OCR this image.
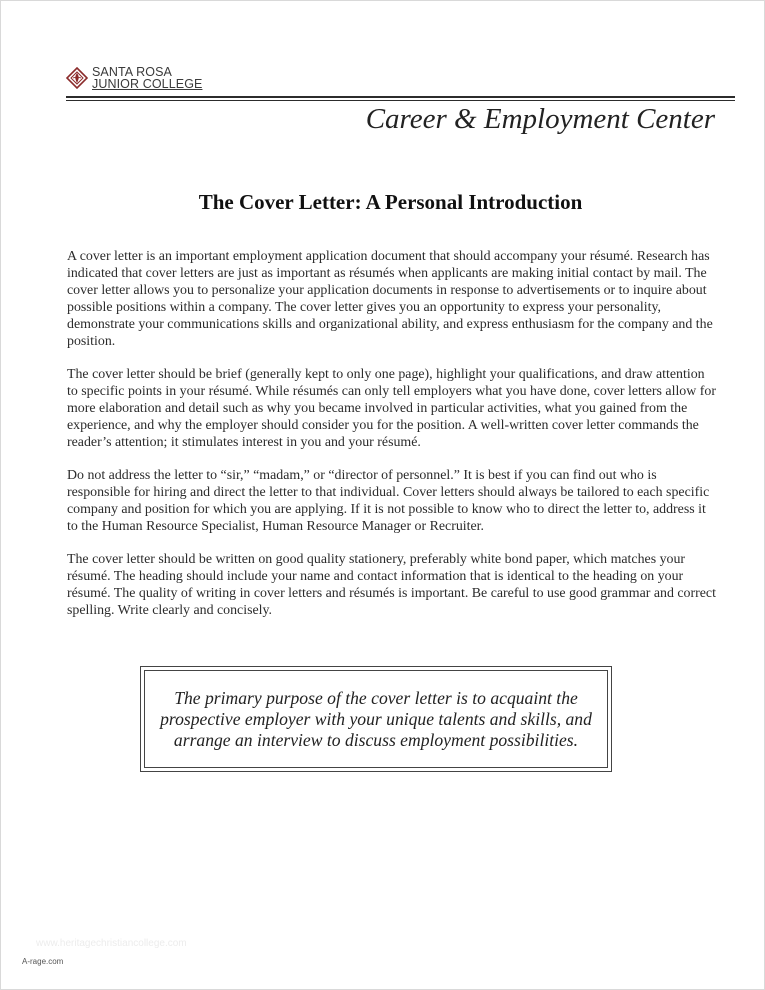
SANTA ROSA
JUNIOR COLLEGE
Career & Employment Center
The Cover Letter: A Personal Introduction

A cover letter is an important employment application document that should accompany your résumé. Research has indicated that cover letters are just as important as résumés when applicants are making initial contact by mail. The cover letter allows you to personalize your application documents in response to advertisements or to inquire about possible positions within a company. The cover letter gives you an opportunity to express your personality, demonstrate your communications skills and organizational ability, and express enthusiasm for the company and the position.

The cover letter should be brief (generally kept to only one page), highlight your qualifications, and draw attention to specific points in your résumé. While résumés can only tell employers what you have done, cover letters allow for more elaboration and detail such as why you became involved in particular activities, what you gained from the experience, and why the employer should consider you for the position. A well-written cover letter commands the reader’s attention; it stimulates interest in you and your résumé.

Do not address the letter to “sir,” “madam,” or “director of personnel.” It is best if you can find out who is responsible for hiring and direct the letter to that individual. Cover letters should always be tailored to each specific company and position for which you are applying. If it is not possible to know who to direct the letter to, address it to the Human Resource Specialist, Human Resource Manager or Recruiter.

The cover letter should be written on good quality stationery, preferably white bond paper, which matches your résumé. The heading should include your name and contact information that is identical to the heading on your résumé. The quality of writing in cover letters and résumés is important. Be careful to use good grammar and correct spelling. Write clearly and concisely.

The primary purpose of the cover letter is to acquaint the prospective employer with your unique talents and skills, and arrange an interview to discuss employment possibilities.
www.heritagechristiancollege.com
A-rage.com
